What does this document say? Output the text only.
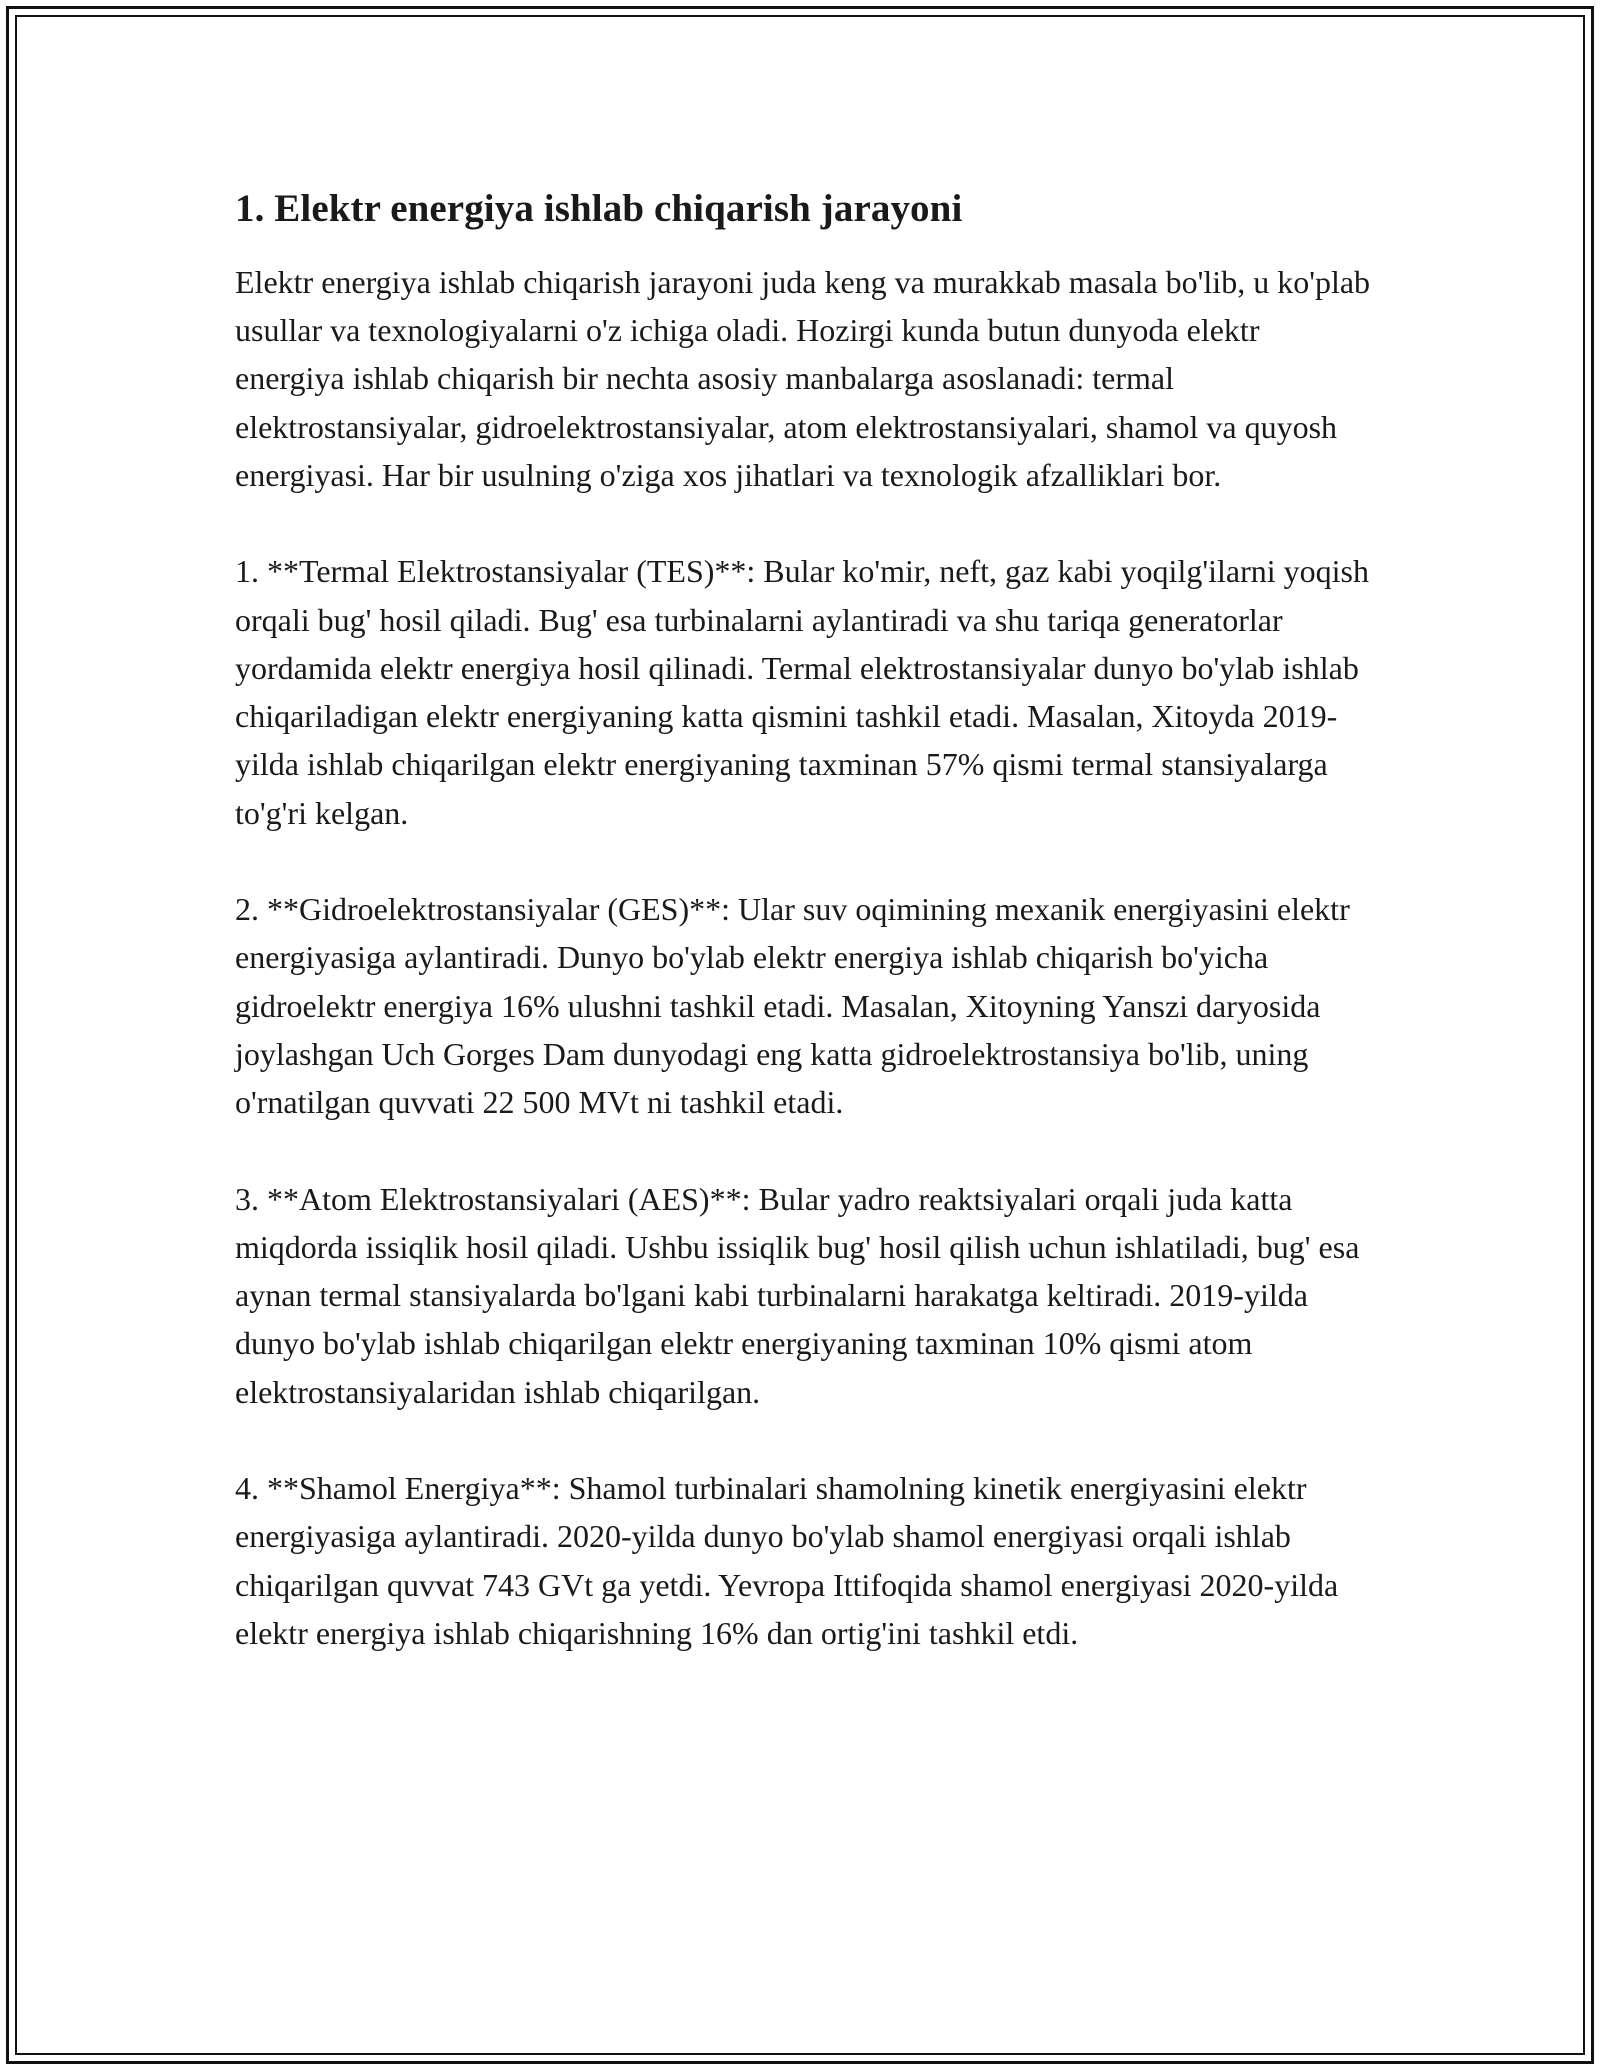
1. Elektr energiya ishlab chiqarish jarayoni

Elektr energiya ishlab chiqarish jarayoni juda keng va murakkab masala bo'lib, u ko'plab usullar va texnologiyalarni o'z ichiga oladi. Hozirgi kunda butun dunyoda elektr energiya ishlab chiqarish bir nechta asosiy manbalarga asoslanadi: termal elektrostansiyalar, gidroelektrostansiyalar, atom elektrostansiyalari, shamol va quyosh energiyasi. Har bir usulning o'ziga xos jihatlari va texnologik afzalliklari bor.

1. **Termal Elektrostansiyalar (TES)**: Bular ko'mir, neft, gaz kabi yoqilg'ilarni yoqish orqali bug' hosil qiladi. Bug' esa turbinalarni aylantiradi va shu tariqa generatorlar yordamida elektr energiya hosil qilinadi. Termal elektrostansiyalar dunyo bo'ylab ishlab chiqariladigan elektr energiyaning katta qismini tashkil etadi. Masalan, Xitoyda 2019-yilda ishlab chiqarilgan elektr energiyaning taxminan 57% qismi termal stansiyalarga to'g'ri kelgan.

2. **Gidroelektrostansiyalar (GES)**: Ular suv oqimining mexanik energiyasini elektr energiyasiga aylantiradi. Dunyo bo'ylab elektr energiya ishlab chiqarish bo'yicha gidroelektr energiya 16% ulushni tashkil etadi. Masalan, Xitoyning Yanszi daryosida joylashgan Uch Gorges Dam dunyodagi eng katta gidroelektrostansiya bo'lib, uning o'rnatilgan quvvati 22 500 MVt ni tashkil etadi.

3. **Atom Elektrostansiyalari (AES)**: Bular yadro reaktsiyalari orqali juda katta miqdorda issiqlik hosil qiladi. Ushbu issiqlik bug' hosil qilish uchun ishlatiladi, bug' esa aynan termal stansiyalarda bo'lgani kabi turbinalarni harakatga keltiradi. 2019-yilda dunyo bo'ylab ishlab chiqarilgan elektr energiyaning taxminan 10% qismi atom elektrostansiyalaridan ishlab chiqarilgan.

4. **Shamol Energiya**: Shamol turbinalari shamolning kinetik energiyasini elektr energiyasiga aylantiradi. 2020-yilda dunyo bo'ylab shamol energiyasi orqali ishlab chiqarilgan quvvat 743 GVt ga yetdi. Yevropa Ittifoqida shamol energiyasi 2020-yilda elektr energiya ishlab chiqarishning 16% dan ortig'ini tashkil etdi.
